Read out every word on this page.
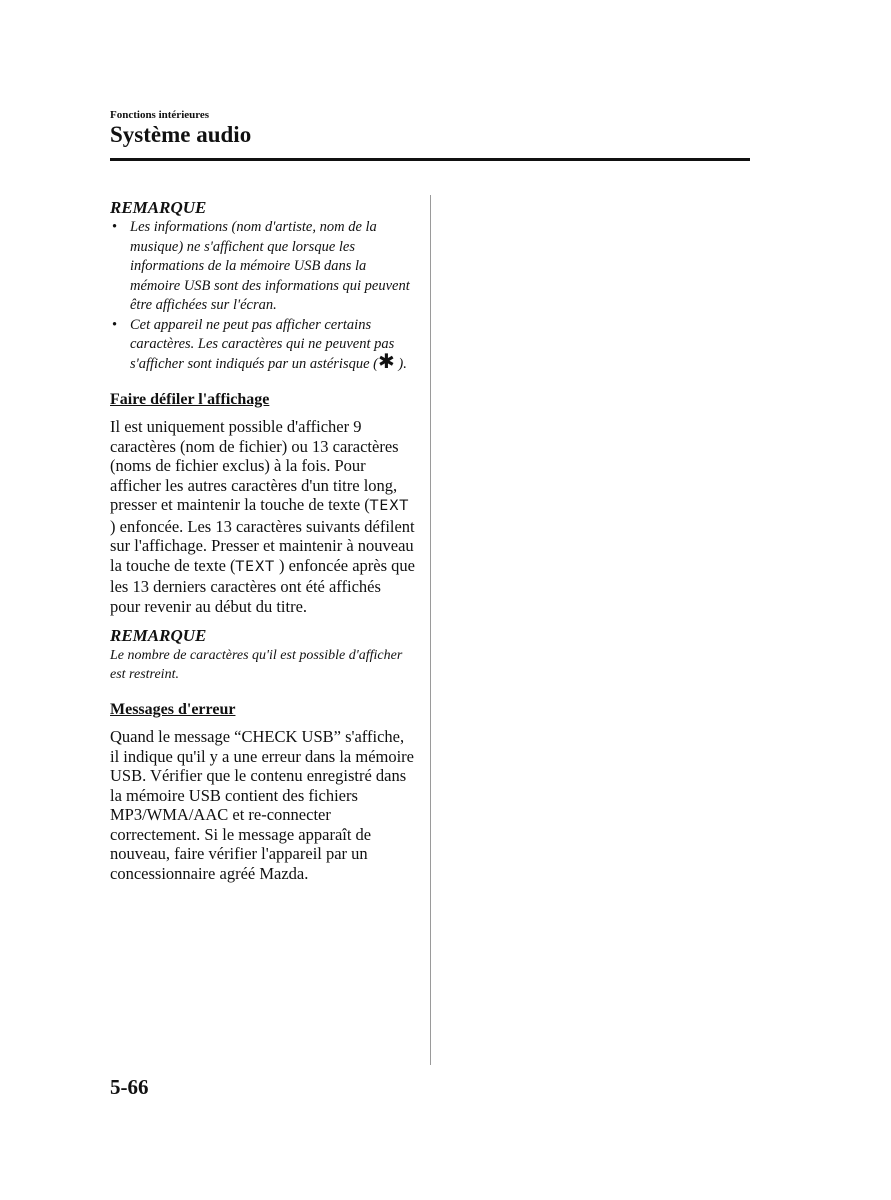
Fonctions intérieures
Système audio

REMARQUE

• Les informations (nom d'artiste, nom de la musique) ne s'affichent que lorsque les informations de la mémoire USB dans la mémoire USB sont des informations qui peuvent être affichées sur l'écran.
• Cet appareil ne peut pas afficher certains caractères. Les caractères qui ne peuvent pas s'afficher sont indiqués par un astérisque (✱ ).

Faire défiler l'affichage

Il est uniquement possible d'afficher 9 caractères (nom de fichier) ou 13 caractères (noms de fichier exclus) à la fois. Pour afficher les autres caractères d'un titre long, presser et maintenir la touche de texte (TEXT ) enfoncée. Les 13 caractères suivants défilent sur l'affichage. Presser et maintenir à nouveau la touche de texte (TEXT ) enfoncée après que les 13 derniers caractères ont été affichés pour revenir au début du titre.

REMARQUE

Le nombre de caractères qu'il est possible d'afficher est restreint.

Messages d'erreur

Quand le message “CHECK USB” s'affiche, il indique qu'il y a une erreur dans la mémoire USB. Vérifier que le contenu enregistré dans la mémoire USB contient des fichiers MP3/WMA/AAC et re-connecter correctement. Si le message apparaît de nouveau, faire vérifier l'appareil par un concessionnaire agréé Mazda.

5-66
